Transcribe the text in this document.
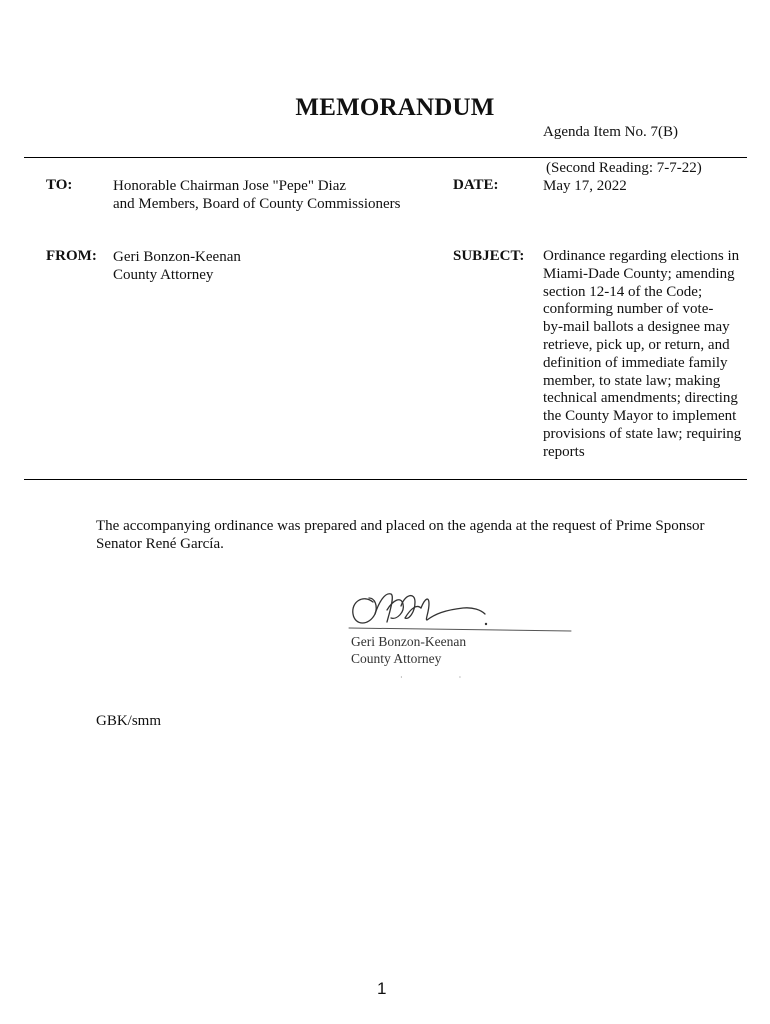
MEMORANDUM
Agenda Item No. 7(B)
(Second Reading: 7-7-22)
TO:	Honorable Chairman Jose "Pepe" Diaz
and Members, Board of County Commissioners
DATE:	May 17, 2022
FROM: Geri Bonzon-Keenan
County Attorney
SUBJECT: Ordinance regarding elections in
Miami-Dade County; amending
section 12-14 of the Code;
conforming number of vote-
by-mail ballots a designee may
retrieve, pick up, or return, and
definition of immediate family
member, to state law; making
technical amendments; directing
the County Mayor to implement
provisions of state law; requiring
reports
The accompanying ordinance was prepared and placed on the agenda at the request of Prime Sponsor
Senator René García.
Geri Bonzon-Keenan
County Attorney
··
GBK/smm
1
